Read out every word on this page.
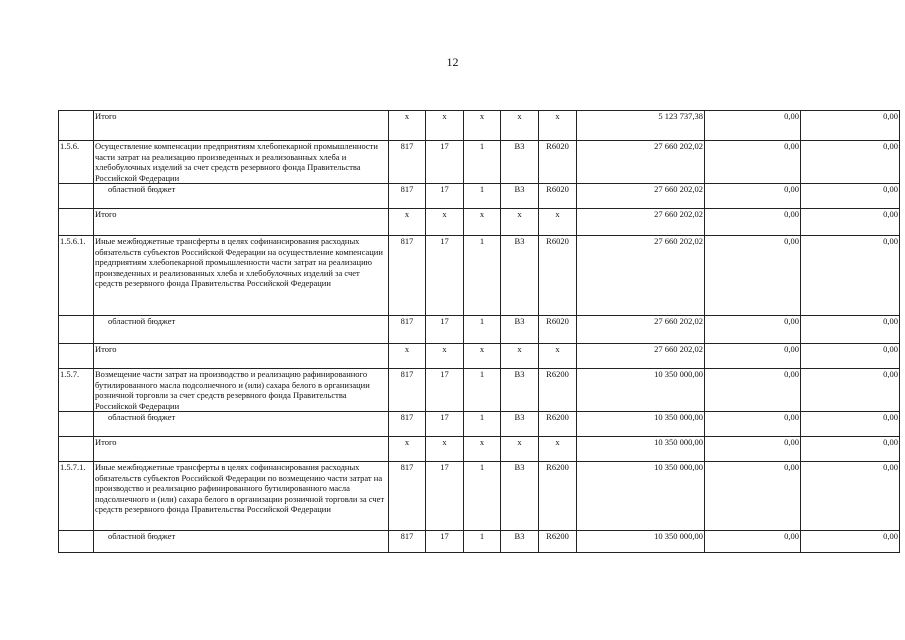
12
	Итого	x	x	x	x	x	5 123 737,38	0,00	0,00
1.5.6.	Осуществление компенсации предприятиям хлебопекарной промышленности части затрат на реализацию произведенных и реализованных хлеба и хлебобулочных изделий за счет средств резервного фонда Правительства Российской Федерации	817	17	1	В3	R6020	27 660 202,02	0,00	0,00
	областной бюджет	817	17	1	В3	R6020	27 660 202,02	0,00	0,00
	Итого	x	x	x	x	x	27 660 202,02	0,00	0,00
1.5.6.1.	Иные межбюджетные трансферты в целях софинансирования расходных обязательств субъектов Российской Федерации на осуществление компенсации предприятиям хлебопекарной промышленности части затрат на реализацию произведенных и реализованных хлеба и хлебобулочных изделий за счет средств резервного фонда Правительства Российской Федерации	817	17	1	В3	R6020	27 660 202,02	0,00	0,00
	областной бюджет	817	17	1	В3	R6020	27 660 202,02	0,00	0,00
	Итого	x	x	x	x	x	27 660 202,02	0,00	0,00
1.5.7.	Возмещение части затрат на производство и реализацию рафинированного бутилированного масла подсолнечного и (или) сахара белого в организации розничной торговли за счет средств резервного фонда Правительства Российской Федерации	817	17	1	В3	R6200	10 350 000,00	0,00	0,00
	областной бюджет	817	17	1	В3	R6200	10 350 000,00	0,00	0,00
	Итого	x	x	x	x	x	10 350 000,00	0,00	0,00
1.5.7.1.	Иные межбюджетные трансферты в целях софинансирования расходных обязательств субъектов Российской Федерации по возмещению части затрат на производство и реализацию рафинированного бутилированного масла подсолнечного и (или) сахара белого в организации розничной торговли за счет средств резервного фонда Правительства Российской Федерации	817	17	1	В3	R6200	10 350 000,00	0,00	0,00
	областной бюджет	817	17	1	В3	R6200	10 350 000,00	0,00	0,00
